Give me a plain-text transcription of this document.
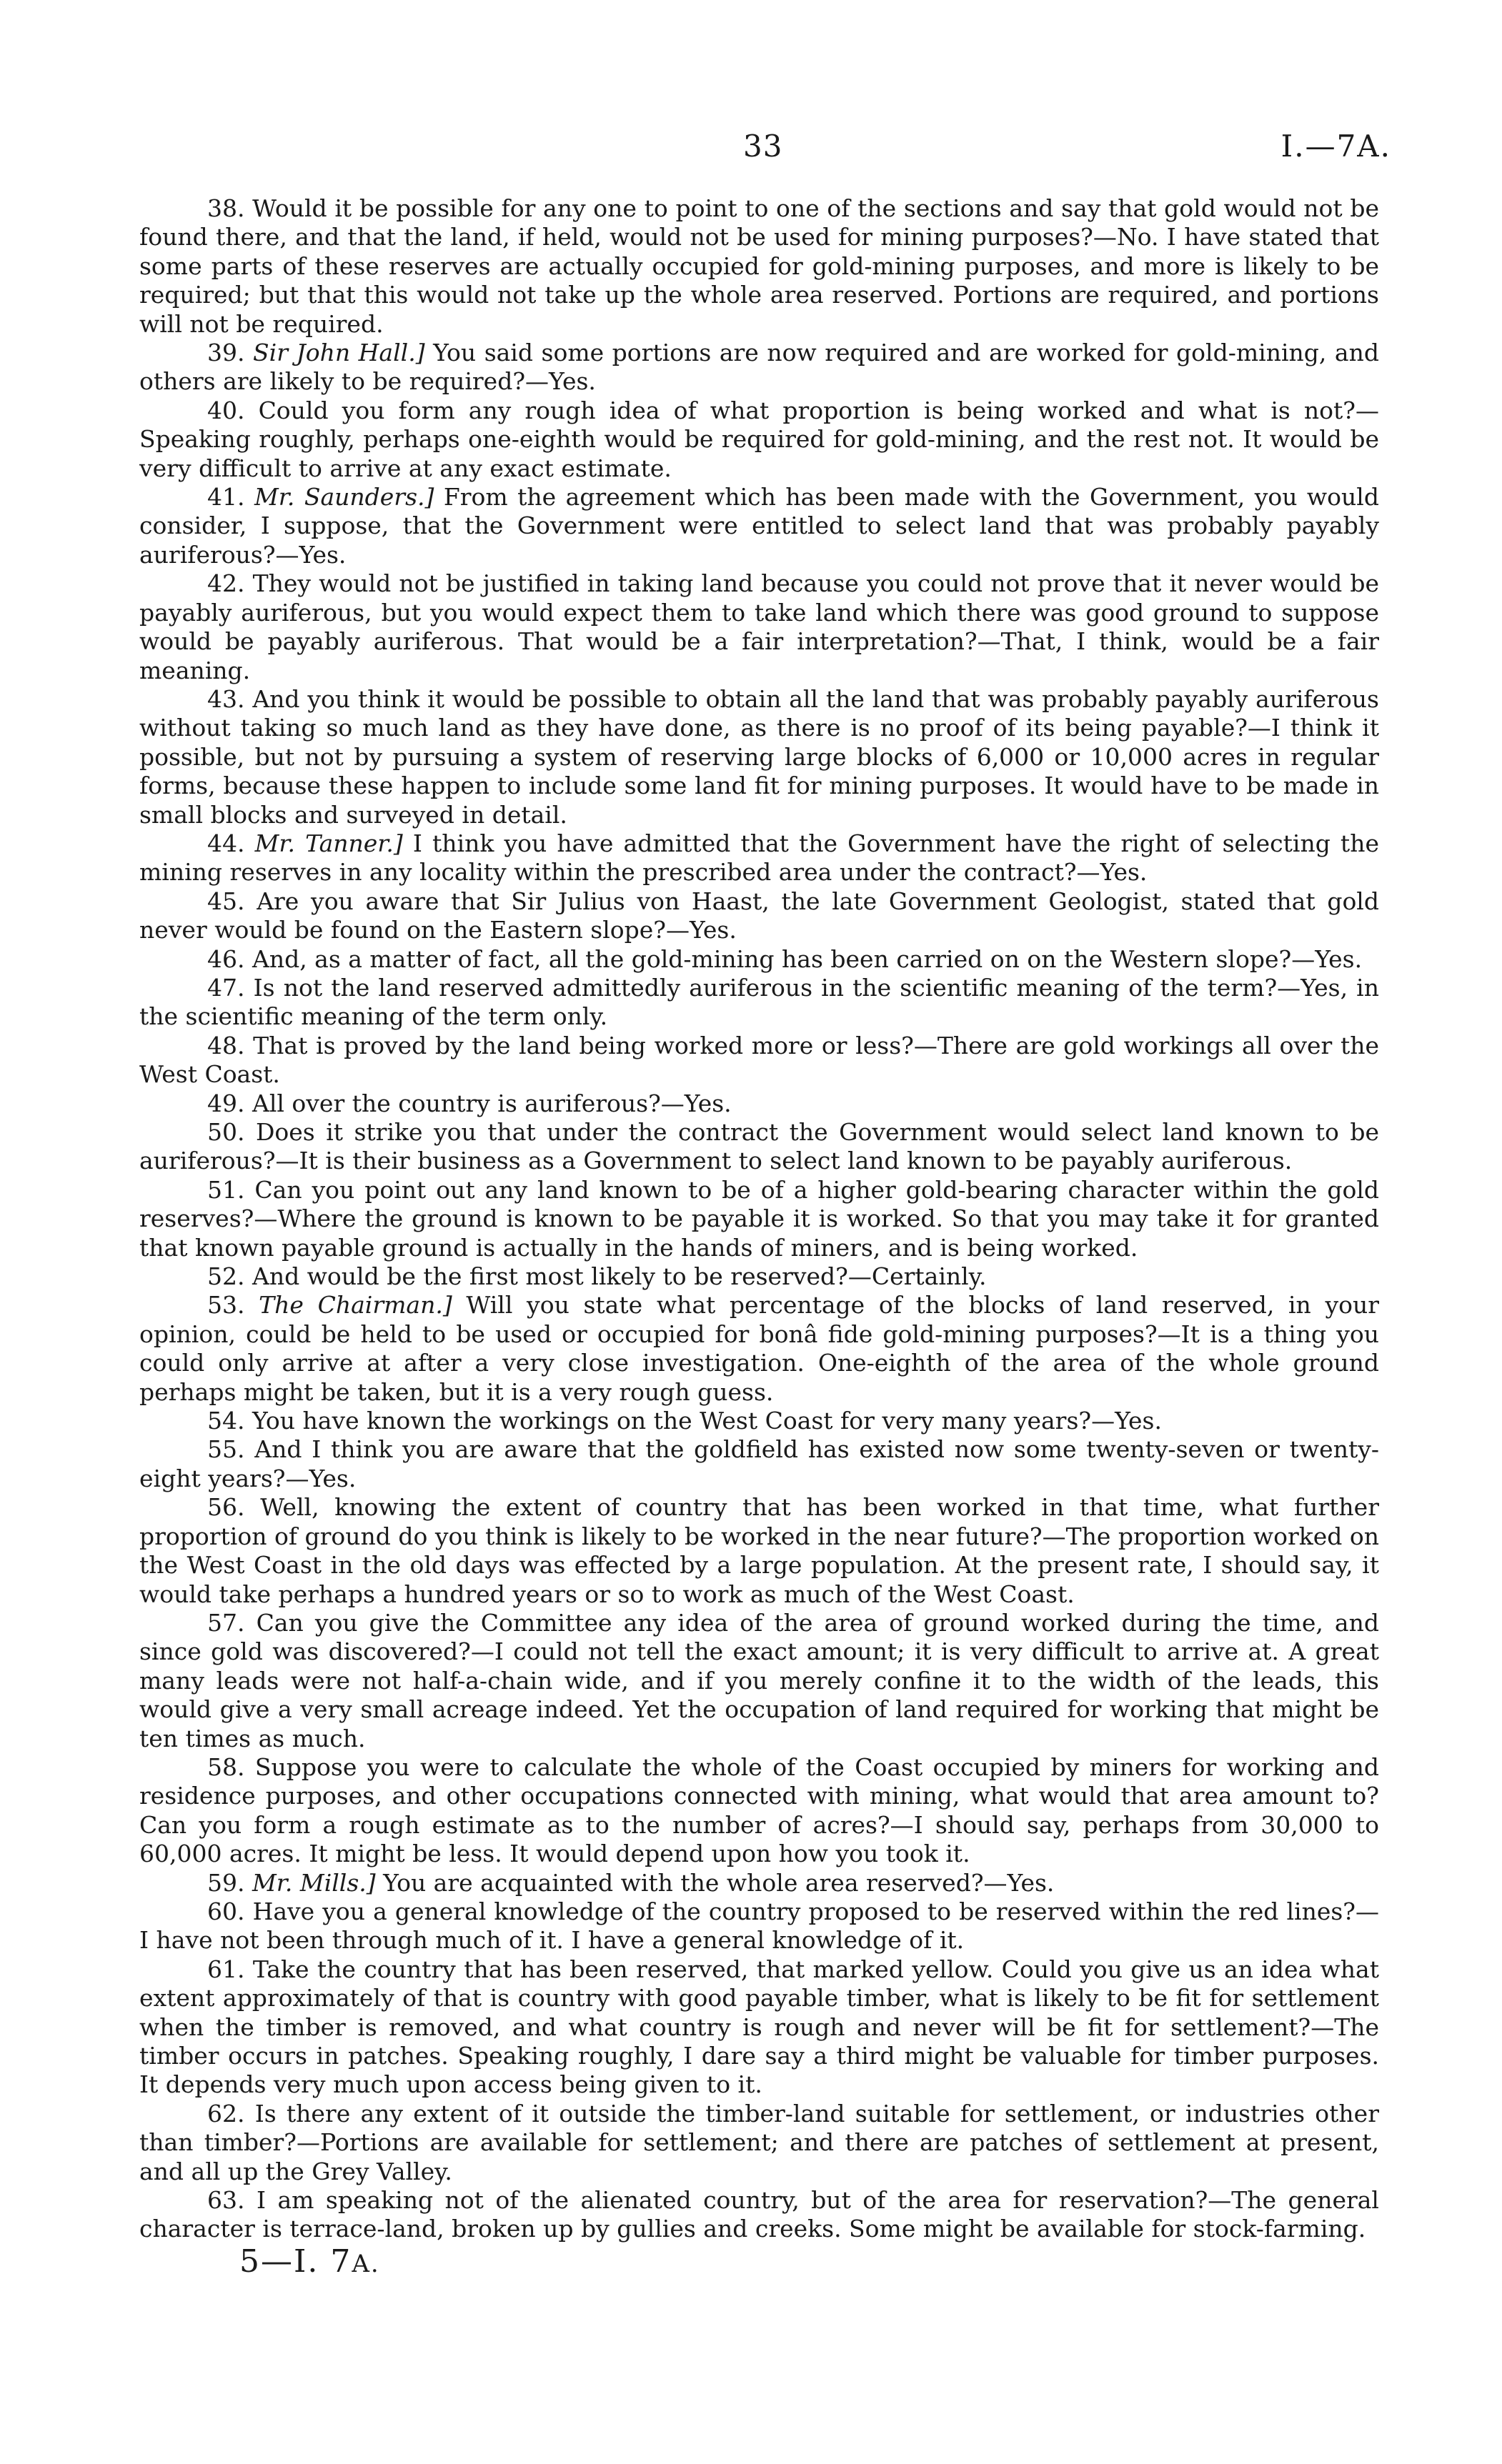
33	I.—7A.

38. Would it be possible for any one to point to one of the sections and say that gold would not be found there, and that the land, if held, would not be used for mining purposes?—No. I have stated that some parts of these reserves are actually occupied for gold-mining purposes, and more is likely to be required; but that this would not take up the whole area reserved. Portions are required, and portions will not be required.

39. Sir John Hall.] You said some portions are now required and are worked for gold-mining, and others are likely to be required?—Yes.

40. Could you form any rough idea of what proportion is being worked and what is not?—Speaking roughly, perhaps one-eighth would be required for gold-mining, and the rest not. It would be very difficult to arrive at any exact estimate.

41. Mr. Saunders.] From the agreement which has been made with the Government, you would consider, I suppose, that the Government were entitled to select land that was probably payably auriferous?—Yes.

42. They would not be justified in taking land because you could not prove that it never would be payably auriferous, but you would expect them to take land which there was good ground to suppose would be payably auriferous. That would be a fair interpretation?—That, I think, would be a fair meaning.

43. And you think it would be possible to obtain all the land that was probably payably auriferous without taking so much land as they have done, as there is no proof of its being payable?—I think it possible, but not by pursuing a system of reserving large blocks of 6,000 or 10,000 acres in regular forms, because these happen to include some land fit for mining purposes. It would have to be made in small blocks and surveyed in detail.

44. Mr. Tanner.] I think you have admitted that the Government have the right of selecting the mining reserves in any locality within the prescribed area under the contract?—Yes.

45. Are you aware that Sir Julius von Haast, the late Government Geologist, stated that gold never would be found on the Eastern slope?—Yes.

46. And, as a matter of fact, all the gold-mining has been carried on on the Western slope?—Yes.

47. Is not the land reserved admittedly auriferous in the scientific meaning of the term?—Yes, in the scientific meaning of the term only.

48. That is proved by the land being worked more or less?—There are gold workings all over the West Coast.

49. All over the country is auriferous?—Yes.

50. Does it strike you that under the contract the Government would select land known to be auriferous?—It is their business as a Government to select land known to be payably auriferous.

51. Can you point out any land known to be of a higher gold-bearing character within the gold reserves?—Where the ground is known to be payable it is worked. So that you may take it for granted that known payable ground is actually in the hands of miners, and is being worked.

52. And would be the first most likely to be reserved?—Certainly.

53. The Chairman.] Will you state what percentage of the blocks of land reserved, in your opinion, could be held to be used or occupied for bonâ fide gold-mining purposes?—It is a thing you could only arrive at after a very close investigation. One-eighth of the area of the whole ground perhaps might be taken, but it is a very rough guess.

54. You have known the workings on the West Coast for very many years?—Yes.

55. And I think you are aware that the goldfield has existed now some twenty-seven or twenty-eight years?—Yes.

56. Well, knowing the extent of country that has been worked in that time, what further proportion of ground do you think is likely to be worked in the near future?—The proportion worked on the West Coast in the old days was effected by a large population. At the present rate, I should say, it would take perhaps a hundred years or so to work as much of the West Coast.

57. Can you give the Committee any idea of the area of ground worked during the time, and since gold was discovered?—I could not tell the exact amount; it is very difficult to arrive at. A great many leads were not half-a-chain wide, and if you merely confine it to the width of the leads, this would give a very small acreage indeed. Yet the occupation of land required for working that might be ten times as much.

58. Suppose you were to calculate the whole of the Coast occupied by miners for working and residence purposes, and other occupations connected with mining, what would that area amount to? Can you form a rough estimate as to the number of acres?—I should say, perhaps from 30,000 to 60,000 acres. It might be less. It would depend upon how you took it.

59. Mr. Mills.] You are acquainted with the whole area reserved?—Yes.

60. Have you a general knowledge of the country proposed to be reserved within the red lines?—I have not been through much of it. I have a general knowledge of it.

61. Take the country that has been reserved, that marked yellow. Could you give us an idea what extent approximately of that is country with good payable timber, what is likely to be fit for settlement when the timber is removed, and what country is rough and never will be fit for settlement?—The timber occurs in patches. Speaking roughly, I dare say a third might be valuable for timber purposes. It depends very much upon access being given to it.

62. Is there any extent of it outside the timber-land suitable for settlement, or industries other than timber?—Portions are available for settlement; and there are patches of settlement at present, and all up the Grey Valley.

63. I am speaking not of the alienated country, but of the area for reservation?—The general character is terrace-land, broken up by gullies and creeks. Some might be available for stock-farming.

5—I. 7A.
